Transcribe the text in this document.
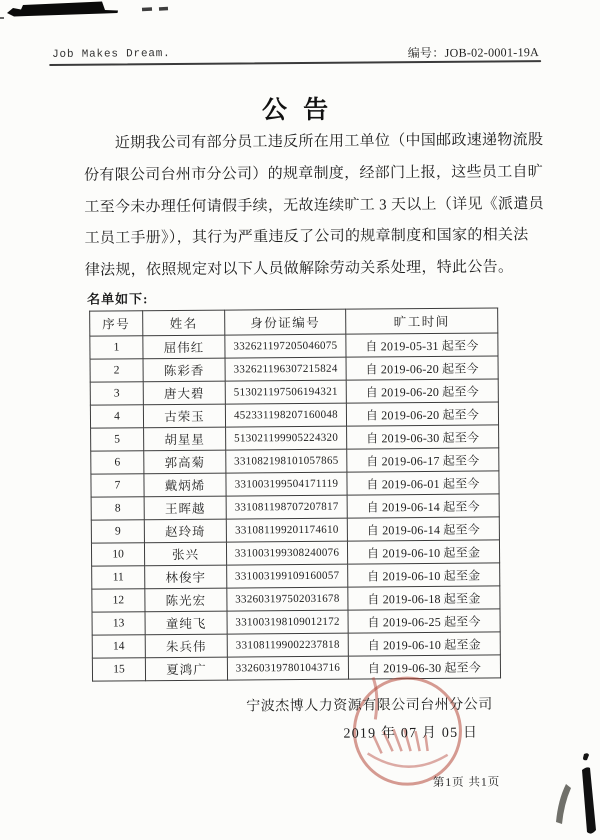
Job Makes Dream.	编号：JOB-02-0001-19A
公 告
近期我公司有部分员工违反所在用工单位（中国邮政速递物流股
份有限公司台州市分公司）的规章制度，经部门上报，这些员工自旷
工至今未办理任何请假手续，无故连续旷工 3 天以上（详见《派遣员
工员工手册》），其行为严重违反了公司的规章制度和国家的相关法
律法规，依照规定对以下人员做解除劳动关系处理，特此公告。
名单如下:
序号	姓名	身份证编号	旷工时间
1	屈伟红	332621197205046075	自 2019-05-31 起至今
2	陈彩香	332621196307215824	自 2019-06-20 起至今
3	唐大碧	513021197506194321	自 2019-06-20 起至今
4	古荣玉	452331198207160048	自 2019-06-20 起至今
5	胡星星	513021199905224320	自 2019-06-30 起至今
6	郭高菊	331082198101057865	自 2019-06-17 起至今
7	戴炳烯	331003199504171119	自 2019-06-01 起至今
8	王晖越	331081198707207817	自 2019-06-14 起至今
9	赵玲琦	331081199201174610	自 2019-06-14 起至今
10	张兴	331003199308240076	自 2019-06-10 起至金
11	林俊宇	331003199109160057	自 2019-06-10 起至金
12	陈光宏	332603197502031678	自 2019-06-18 起至金
13	童纯飞	331003198109012172	自 2019-06-25 起至今
14	朱兵伟	331081199002237818	自 2019-06-10 起至金
15	夏鸿广	332603197801043716	自 2019-06-30 起至今
宁波杰博人力资源有限公司台州分公司
2019 年 07 月 05 日
第1页 共1页
